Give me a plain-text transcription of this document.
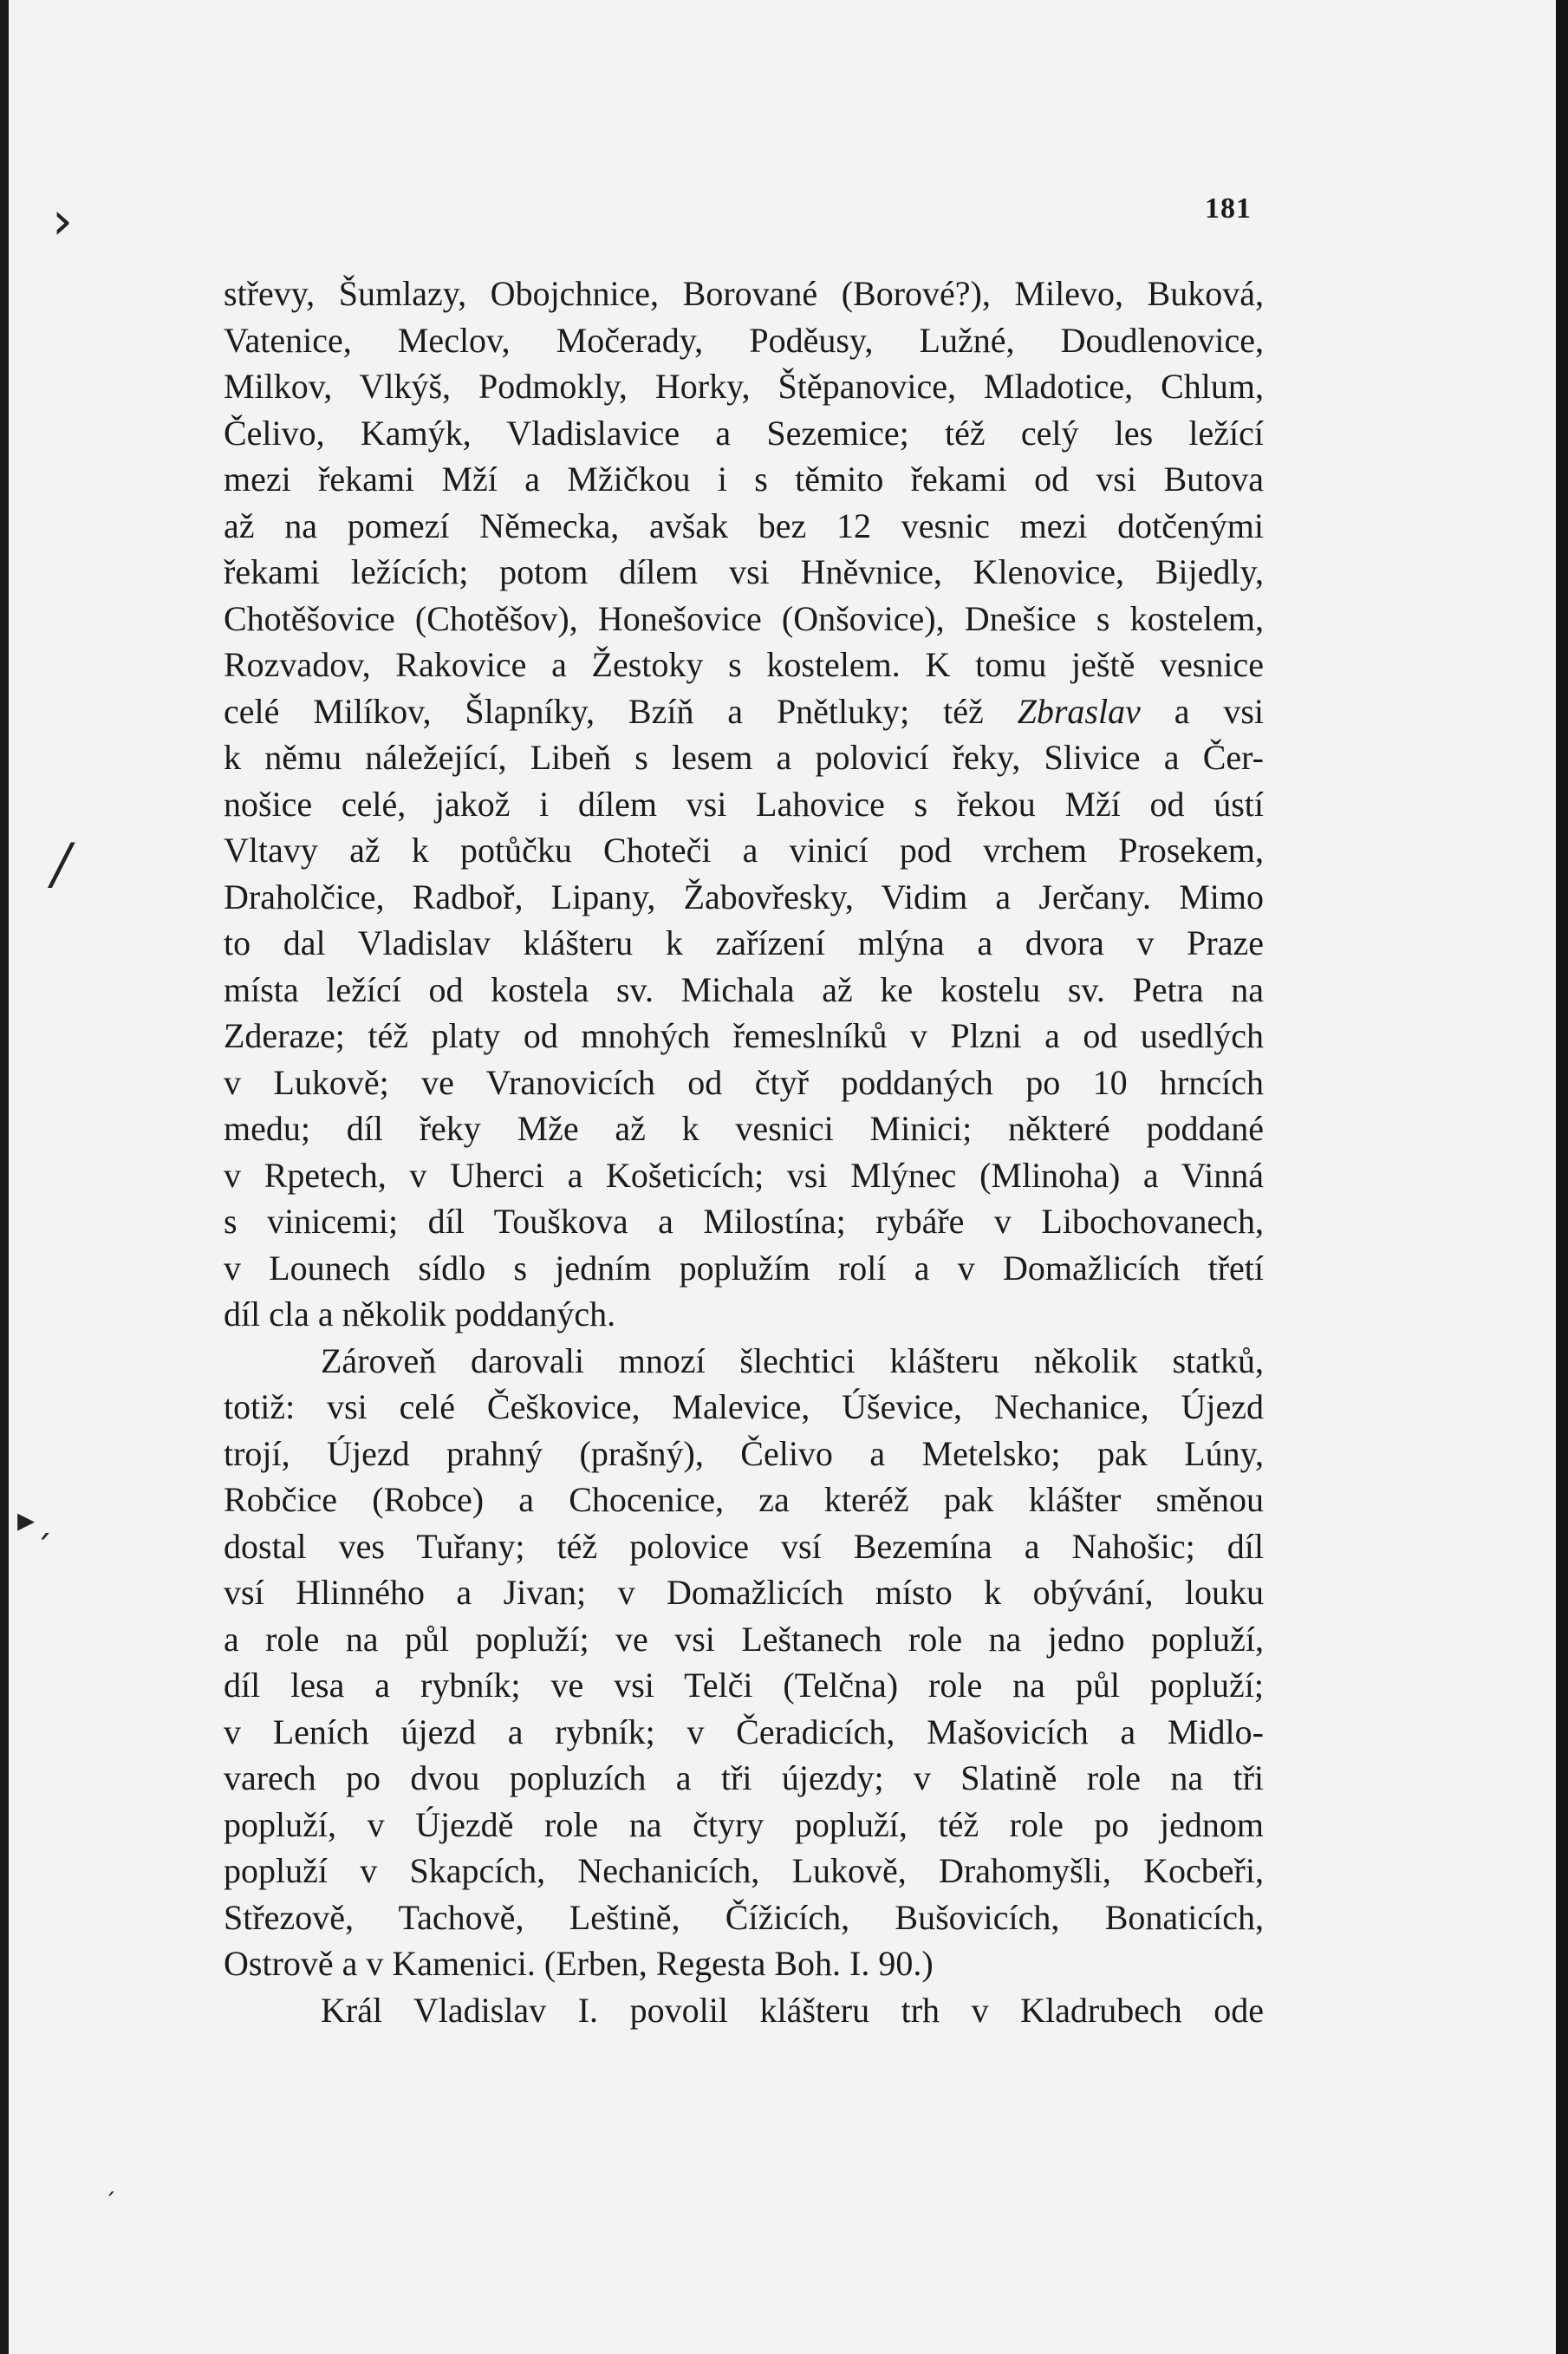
›
/
▸ˏ
ˏ
181
střevy, Šumlazy, Obojchnice, Borované (Borové?), Milevo, Buková,
Vatenice, Meclov, Močerady, Poděusy, Lužné, Doudlenovice,
Milkov, Vlkýš, Podmokly, Horky, Štěpanovice, Mladotice, Chlum,
Čelivo, Kamýk, Vladislavice a Sezemice; též celý les ležící
mezi řekami Mží a Mžičkou i s těmito řekami od vsi Butova
až na pomezí Německa, avšak bez 12 vesnic mezi dotčenými
řekami ležících; potom dílem vsi Hněvnice, Klenovice, Bijedly,
Chotěšovice (Chotěšov), Honešovice (Onšovice), Dnešice s kostelem,
Rozvadov, Rakovice a Žestoky s kostelem. K tomu ještě vesnice
celé Milíkov, Šlapníky, Bzíň a Pnětluky; též Zbraslav a vsi
k němu náležející, Libeň s lesem a polovicí řeky, Slivice a Čer-
nošice celé, jakož i dílem vsi Lahovice s řekou Mží od ústí
Vltavy až k potůčku Choteči a vinicí pod vrchem Prosekem,
Draholčice, Radboř, Lipany, Žabovřesky, Vidim a Jerčany. Mimo
to dal Vladislav klášteru k zařízení mlýna a dvora v Praze
místa ležící od kostela sv. Michala až ke kostelu sv. Petra na
Zderaze; též platy od mnohých řemeslníků v Plzni a od usedlých
v Lukově; ve Vranovicích od čtyř poddaných po 10 hrncích
medu; díl řeky Mže až k vesnici Minici; některé poddané
v Rpetech, v Uherci a Košeticích; vsi Mlýnec (Mlinoha) a Vinná
s vinicemi; díl Touškova a Milostína; rybáře v Libochovanech,
v Lounech sídlo s jedním poplužím rolí a v Domažlicích třetí
díl cla a několik poddaných.
Zároveň darovali mnozí šlechtici klášteru několik statků,
totiž: vsi celé Češkovice, Malevice, Úševice, Nechanice, Újezd
trojí, Újezd prahný (prašný), Čelivo a Metelsko; pak Lúny,
Robčice (Robce) a Chocenice, za kteréž pak klášter směnou
dostal ves Tuřany; též polovice vsí Bezemína a Nahošic; díl
vsí Hlinného a Jivan; v Domažlicích místo k obývání, louku
a role na půl popluží; ve vsi Leštanech role na jedno popluží,
díl lesa a rybník; ve vsi Telči (Telčna) role na půl popluží;
v Leních újezd a rybník; v Čeradicích, Mašovicích a Midlo-
varech po dvou popluzích a tři újezdy; v Slatině role na tři
popluží, v Újezdě role na čtyry popluží, též role po jednom
popluží v Skapcích, Nechanicích, Lukově, Drahomyšli, Kocbeři,
Střezově, Tachově, Leštině, Čížicích, Bušovicích, Bonaticích,
Ostrově a v Kamenici. (Erben, Regesta Boh. I. 90.)
Král Vladislav I. povolil klášteru trh v Kladrubech ode
